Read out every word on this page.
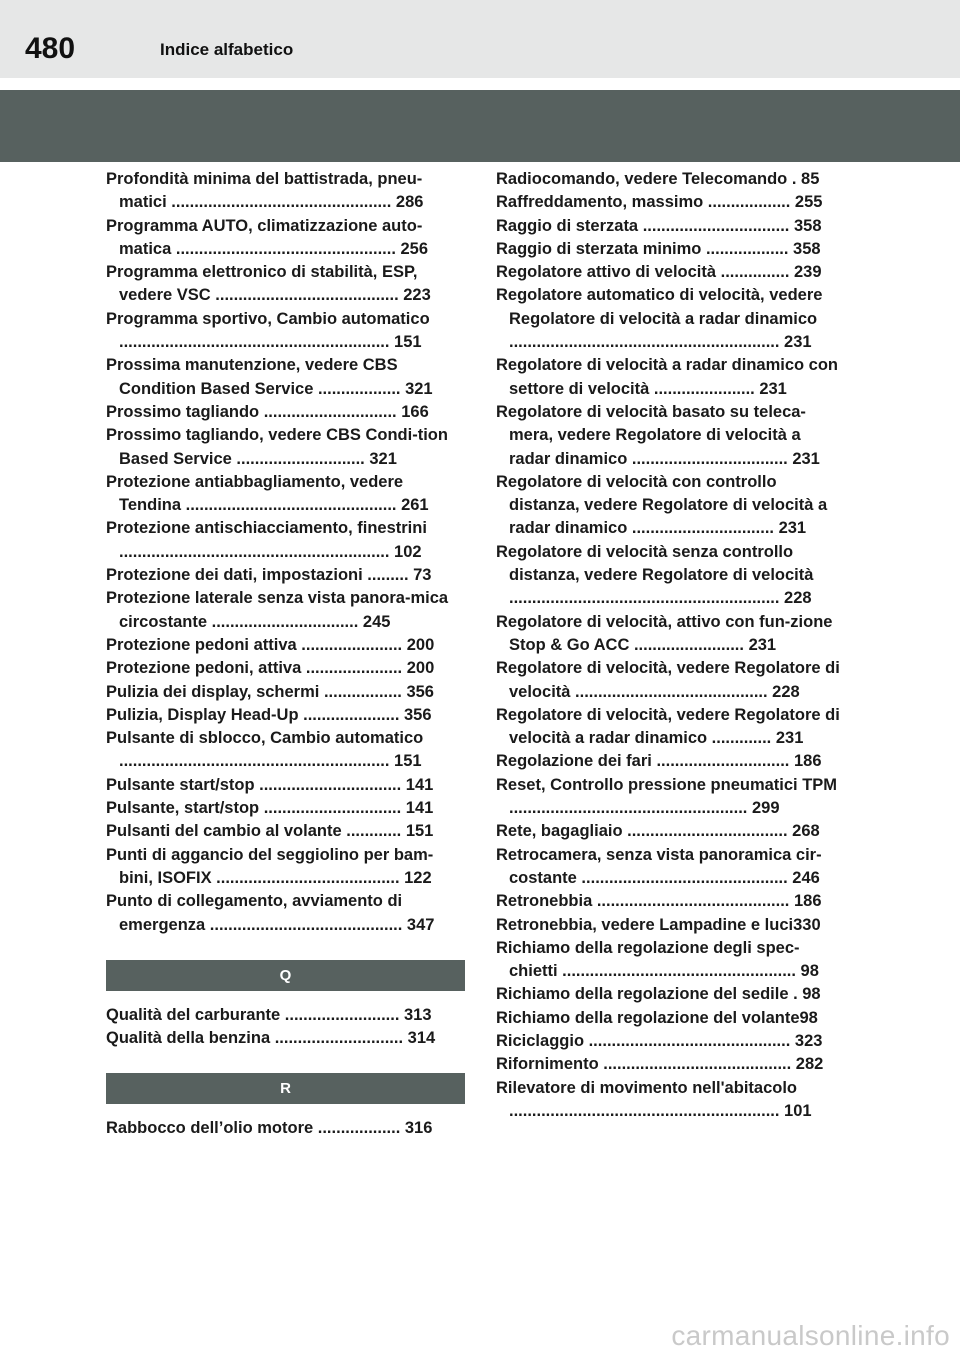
480	Indice alfabetico

Profondità minima del battistrada, pneu-matici ................................................ 286

Programma AUTO, climatizzazione auto-matica ................................................ 256

Programma elettronico di stabilità, ESP, vedere VSC ........................................ 223

Programma sportivo, Cambio automatico ........................................................... 151

Prossima manutenzione, vedere CBS Condition Based Service .................. 321

Prossimo tagliando ............................. 166

Prossimo tagliando, vedere CBS Condi-tion Based Service ............................ 321

Protezione antiabbagliamento, vedere Tendina .............................................. 261

Protezione antischiacciamento, finestrini ........................................................... 102

Protezione dei dati, impostazioni ......... 73

Protezione laterale senza vista panora-mica circostante ................................ 245

Protezione pedoni attiva ...................... 200

Protezione pedoni, attiva ..................... 200

Pulizia dei display, schermi ................. 356

Pulizia, Display Head-Up ..................... 356

Pulsante di sblocco, Cambio automatico ........................................................... 151

Pulsante start/stop ............................... 141

Pulsante, start/stop .............................. 141

Pulsanti del cambio al volante ............ 151

Punti di aggancio del seggiolino per bam-bini, ISOFIX ........................................ 122

Punto di collegamento, avviamento di emergenza .......................................... 347

Q

Qualità del carburante ......................... 313

Qualità della benzina ............................ 314

R

Rabbocco dell’olio motore .................. 316

Radiocomando, vedere Telecomando . 85

Raffreddamento, massimo .................. 255

Raggio di sterzata ................................ 358

Raggio di sterzata minimo .................. 358

Regolatore attivo di velocità ............... 239

Regolatore automatico di velocità, vedere Regolatore di velocità a radar dinamico ........................................................... 231

Regolatore di velocità a radar dinamico con settore di velocità ...................... 231

Regolatore di velocità basato su teleca-mera, vedere Regolatore di velocità a radar dinamico .................................. 231

Regolatore di velocità con controllo distanza, vedere Regolatore di velocità a radar dinamico ............................... 231

Regolatore di velocità senza controllo distanza, vedere Regolatore di velocità ........................................................... 228

Regolatore di velocità, attivo con fun-zione Stop & Go ACC ........................ 231

Regolatore di velocità, vedere Regolatore di velocità .......................................... 228

Regolatore di velocità, vedere Regolatore di velocità a radar dinamico ............. 231

Regolazione dei fari ............................. 186

Reset, Controllo pressione pneumatici TPM .................................................... 299

Rete, bagagliaio ................................... 268

Retrocamera, senza vista panoramica cir-costante ............................................. 246

Retronebbia .......................................... 186

Retronebbia, vedere Lampadine e luci330

Richiamo della regolazione degli spec-chietti ................................................... 98

Richiamo della regolazione del sedile . 98

Richiamo della regolazione del volante98

Riciclaggio ............................................ 323

Rifornimento ......................................... 282

Rilevatore di movimento nell'abitacolo ........................................................... 101

carmanualsonline.info
